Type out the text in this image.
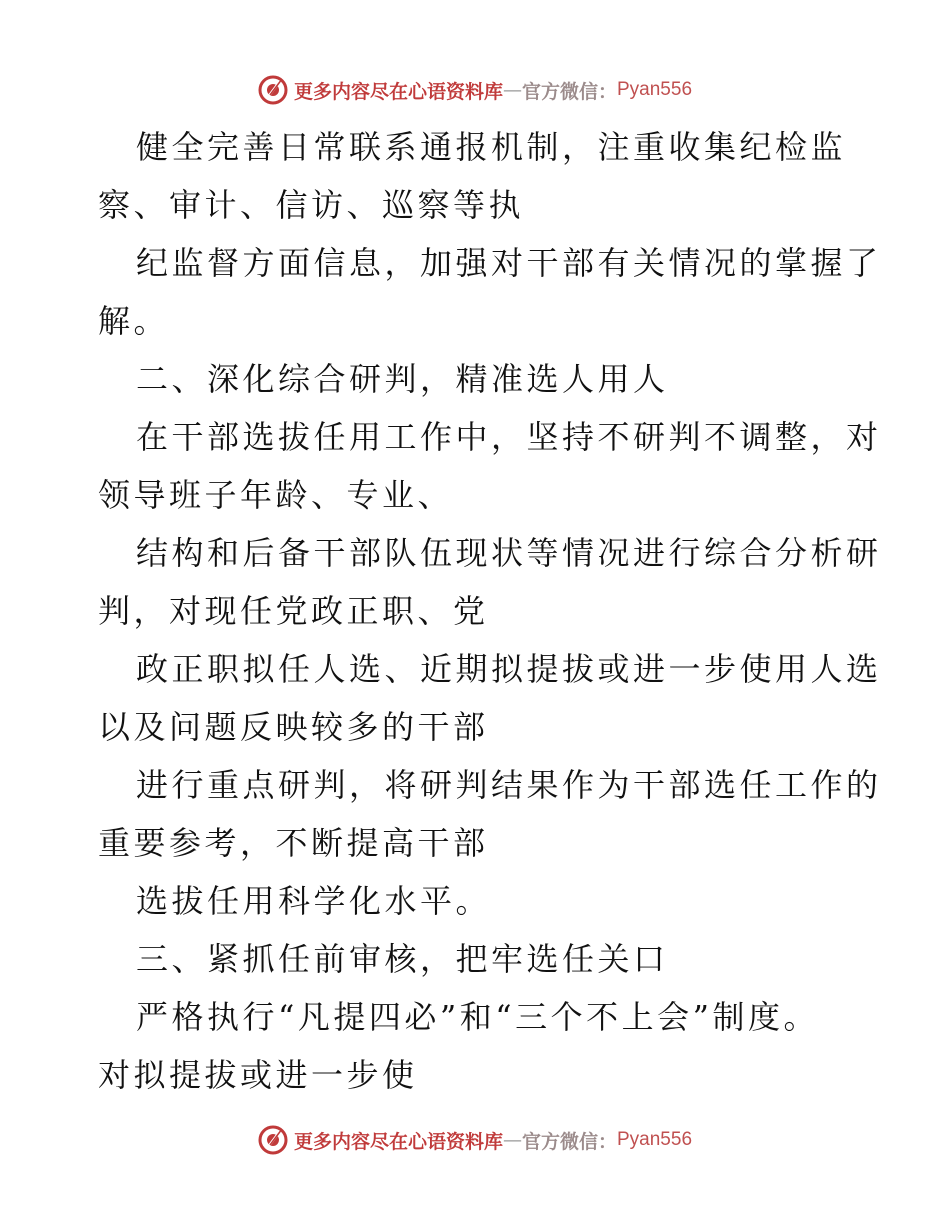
更多内容尽在心语资料库 — 官方微信： Pyan556
健全完善日常联系通报机制，注重收集纪检监
察、审计、信访、巡察等执
纪监督方面信息，加强对干部有关情况的掌握了
解。
二、深化综合研判，精准选人用人
在干部选拔任用工作中，坚持不研判不调整，对
领导班子年龄、专业、
结构和后备干部队伍现状等情况进行综合分析研
判，对现任党政正职、党
政正职拟任人选、近期拟提拔或进一步使用人选
以及问题反映较多的干部
进行重点研判，将研判结果作为干部选任工作的
重要参考，不断提高干部
选拔任用科学化水平。
三、紧抓任前审核，把牢选任关口
严格执行“凡提四必”和“三个不上会”制度。
对拟提拔或进一步使
更多内容尽在心语资料库 — 官方微信： Pyan556
